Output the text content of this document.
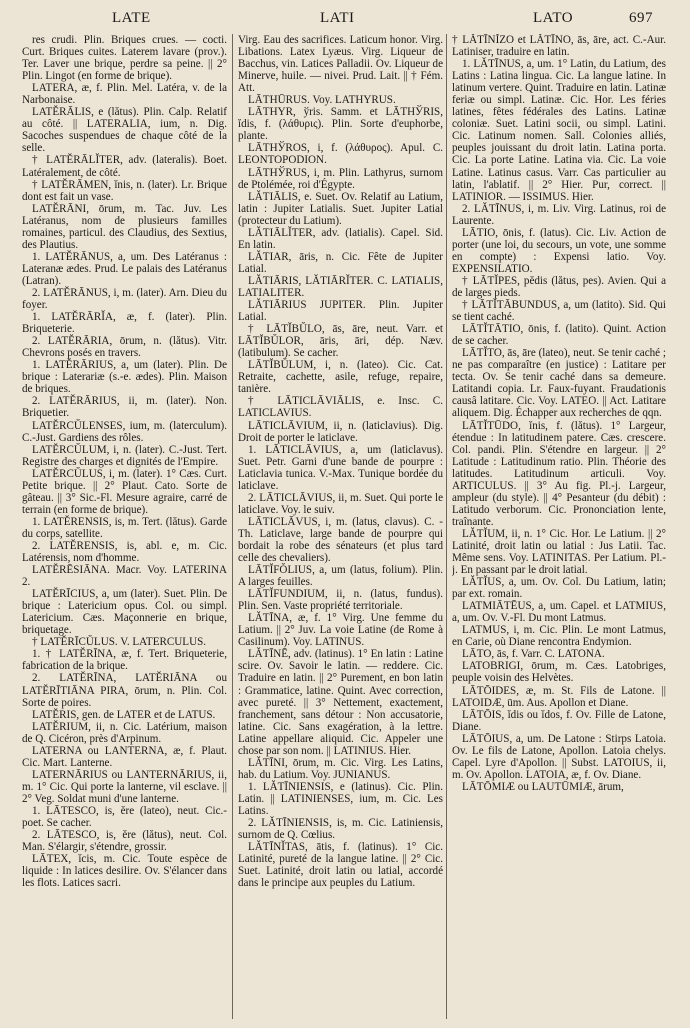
LATE	LATI	LATO	697

res crudi. Plin. Briques crues. — cocti. Curt. Briques cuites. Laterem lavare (prov.). Ter. Laver une brique, perdre sa peine. || 2° Plin. Lingot (en forme de brique).

LATERA, æ, f. Plin. Mel. Latéra, v. de la Narbonaise.

LATĔRĀLIS, e (lătus). Plin. Calp. Relatif au côté. || LATERALIA, ium, n. Dig. Sacoches suspendues de chaque côté de la selle.

† LATĔRĀLĬTER, adv. (lateralis). Boet. Latéralement, de côté.

† LATĔRĀMEN, ĭnis, n. (later). Lr. Brique dont est fait un vase.

LATĔRĀNI, ōrum, m. Tac. Juv. Les Latéranus, nom de plusieurs familles romaines, particul. des Claudius, des Sextius, des Plautius.

1. LATĔRĀNUS, a, um. Des Latéranus : Lateranæ ædes. Prud. Le palais des Latéranus (Latran).

2. LATĔRĀNUS, i, m. (later). Arn. Dieu du foyer.

1. LATĔRĀRĬA, æ, f. (later). Plin. Briqueterie.

2. LATĔRĀRIA, ōrum, n. (lătus). Vitr. Chevrons posés en travers.

1. LATĔRĀRIUS, a, um (later). Plin. De brique : Laterariæ (s.-e. ædes). Plin. Maison de briques.

2. LATĔRĀRIUS, ii, m. (later). Non. Briquetier.

LATĔRCŬLENSES, ium, m. (laterculum). C.-Just. Gardiens des rôles.

LATĔRCŬLUM, i, n. (later). C.-Just. Tert. Registre des charges et dignités de l'Empire.

LATĔRCŬLUS, i, m. (later). 1° Cæs. Curt. Petite brique. || 2° Plaut. Cato. Sorte de gâteau. || 3° Sic.-Fl. Mesure agraire, carré de terrain (en forme de brique).

1. LATĔRENSIS, is, m. Tert. (lătus). Garde du corps, satellite.

2. LATĔRENSIS, is, abl. e, m. Cic. Latérensis, nom d'homme.

LATĔRĒSIĀNA. Macr. Voy. LATERINA 2.

LATĔRĪCIUS, a, um (later). Suet. Plin. De brique : Latericium opus. Col. ou simpl. Latericium. Cæs. Maçonnerie en brique, briquetage.

† LATĔRĪCŬLUS. V. LATERCULUS.

1. † LATĔRĪNA, æ, f. Tert. Briqueterie, fabrication de la brique.

2. LATĔRĪNA, LATĔRIĀNA ou LATĔRĪTIĀNA PIRA, ōrum, n. Plin. Col. Sorte de poires.

LATĔRIS, gen. de LATER et de LATUS.

LATĔRIUM, ii, n. Cic. Latérium, maison de Q. Cicéron, près d'Arpinum.

LATERNA ou LANTERNA, æ, f. Plaut. Cic. Mart. Lanterne.

LATERNĀRIUS ou LANTERNĀRIUS, ii, m. 1° Cic. Qui porte la lanterne, vil esclave. || 2° Veg. Soldat muni d'une lanterne.

1. LĀTESCO, is, ĕre (lateo), neut. Cic.-poet. Se cacher.

2. LĀTESCO, is, ĕre (lătus), neut. Col. Man. S'élargir, s'étendre, grossir.

LĀTEX, ĭcis, m. Cic. Toute espèce de liquide : In latices desilire. Ov. S'élancer dans les flots. Latices sacri.

Virg. Eau des sacrifices. Laticum honor. Virg. Libations. Latex Lyæus. Virg. Liqueur de Bacchus, vin. Latices Palladii. Ov. Liqueur de Minerve, huile. — nivei. Prud. Lait. || † Fém. Att.

LĀTHŪRUS. Voy. LATHYRUS.

LĀTHYR, ўris. Samm. et LĀTHЎRIS, ĭdis, f. (λάθυρις). Plin. Sorte d'euphorbe, plante.

LĀTHЎROS, i, f. (λάθυρος). Apul. C. LEONTOPODION.

LĀTHЎRUS, i, m. Plin. Lathyrus, surnom de Ptolémée, roi d'Égypte.

LĂTIĀLIS, e. Suet. Ov. Relatif au Latium, latin : Jupiter Latialis. Suet. Jupiter Latial (protecteur du Latium).

LĂTIĀLĬTER, adv. (latialis). Capel. Sid. En latin.

LĂTIAR, āris, n. Cic. Fête de Jupiter Latial.

LĂTIĀRIS, LĂTIĀRĬTER. C. LATIALIS, LATIALITER.

LĂTIĀRIUS JUPITER. Plin. Jupiter Latial.

† LĀTĬBŬLO, ās, āre, neut. Varr. et LĀTĬBŬLOR, āris, āri, dép. Næv. (latibulum). Se cacher.

LĀTĬBŬLUM, i, n. (lateo). Cic. Cat. Retraite, cachette, asile, refuge, repaire, tanière.

† LĀTICLĀVIĀLIS, e. Insc. C. LATICLAVIUS.

LĀTICLĀVIUM, ii, n. (laticlavius). Dig. Droit de porter le laticlave.

1. LĀTICLĀVIUS, a, um (laticlavus). Suet. Petr. Garni d'une bande de pourpre : Laticlavia tunica. V.-Max. Tunique bordée du laticlave.

2. LĀTICLĀVIUS, ii, m. Suet. Qui porte le laticlave. Voy. le suiv.

LĀTICLĀVUS, i, m. (latus, clavus). C. -Th. Laticlave, large bande de pourpre qui bordait la robe des sénateurs (et plus tard celle des chevaliers).

LĀTĬFŎLIUS, a, um (latus, folium). Plin. A larges feuilles.

LĀTĬFUNDIUM, ii, n. (latus, fundus). Plin. Sen. Vaste propriété territoriale.

LĂTĪNA, æ, f. 1° Virg. Une femme du Latium. || 2° Juv. La voie Latine (de Rome à Casilinum). Voy. LATINUS.

LĂTĪNĒ, adv. (latinus). 1° En latin : Latine scire. Ov. Savoir le latin. — reddere. Cic. Traduire en latin. || 2° Purement, en bon latin : Grammatice, latine. Quint. Avec correction, avec pureté. || 3° Nettement, exactement, franchement, sans détour : Non accusatorie, latine. Cic. Sans exagération, à la lettre. Latine appellare aliquid. Cic. Appeler une chose par son nom. || LATINIUS. Hier.

LĂTĪNI, ōrum, m. Cic. Virg. Les Latins, hab. du Latium. Voy. JUNIANUS.

1. LĂTĪNIENSIS, e (latinus). Cic. Plin. Latin. || LATINIENSES, ium, m. Cic. Les Latins.

2. LĂTĪNIENSIS, is, m. Cic. Latiniensis, surnom de Q. Cœlius.

LĂTĪNĬTAS, ātis, f. (latinus). 1° Cic. Latinité, pureté de la langue latine. || 2° Cic. Suet. Latinité, droit latin ou latial, accordé dans le principe aux peuples du Latium.

† LĂTĪNĬZO et LĂTĪNO, ās, āre, act. C.-Aur. Latiniser, traduire en latin.

1. LĂTĪNUS, a, um. 1° Latin, du Latium, des Latins : Latina lingua. Cic. La langue latine. In latinum vertere. Quint. Traduire en latin. Latinæ feriæ ou simpl. Latinæ. Cic. Hor. Les féries latines, fêtes fédérales des Latins. Latinæ coloniæ. Suet. Latini socii, ou simpl. Latini. Cic. Latinum nomen. Sall. Colonies alliés, peuples jouissant du droit latin. Latina porta. Cic. La porte Latine. Latina via. Cic. La voie Latine. Latinus casus. Varr. Cas particulier au latin, l'ablatif. || 2° Hier. Pur, correct. || LATINIOR. — ISSIMUS. Hier.

2. LĂTĪNUS, i, m. Liv. Virg. Latinus, roi de Laurente.

LĀTIO, ōnis, f. (latus). Cic. Liv. Action de porter (une loi, du secours, un vote, une somme en compte) : Expensi latio. Voy. EXPENSILATIO.

† LĀTĬPES, pĕdis (lătus, pes). Avien. Qui a de larges pieds.

† LĀTĬTĀBUNDUS, a, um (latito). Sid. Qui se tient caché.

LĀTĬTĀTIO, ōnis, f. (latito). Quint. Action de se cacher.

LĀTĬTO, ās, āre (lateo), neut. Se tenir caché ; ne pas comparaître (en justice) : Latitare per tecta. Ov. Se tenir caché dans sa demeure. Latitandi copia. Lr. Faux-fuyant. Fraudationis causâ latitare. Cic. Voy. LATEO. || Act. Latitare aliquem. Dig. Échapper aux recherches de qqn.

LĀTĬTŪDO, ĭnis, f. (lătus). 1° Largeur, étendue : In latitudinem patere. Cæs. crescere. Col. pandi. Plin. S'étendre en largeur. || 2° Latitude : Latitudinum ratio. Plin. Théorie des latitudes. Latitudinum articuli. Voy. ARTICULUS. || 3° Au fig. Pl.-j. Largeur, ampleur (du style). || 4° Pesanteur (du débit) : Latitudo verborum. Cic. Prononciation lente, traînante.

LĂTĬUM, ii, n. 1° Cic. Hor. Le Latium. || 2° Latinité, droit latin ou latial : Jus Latii. Tac. Même sens. Voy. LATINITAS. Per Latium. Pl.-j. En passant par le droit latial.

LĂTĬUS, a, um. Ov. Col. Du Latium, latin; par ext. romain.

LATMIĀTĒUS, a, um. Capel. et LATMIUS, a, um. Ov. V.-Fl. Du mont Latmus.

LATMUS, i, m. Cic. Plin. Le mont Latmus, en Carie, où Diane rencontra Endymion.

LĀTO, ās, f. Varr. C. LATONA.

LATOBRIGI, ōrum, m. Cæs. Latobriges, peuple voisin des Helvètes.

LĀTŌIDES, æ, m. St. Fils de Latone. || LATOIDÆ, ūm. Aus. Apollon et Diane.

LĀTŌIS, ĭdis ou ĭdos, f. Ov. Fille de Latone, Diane.

LĀTŌIUS, a, um. De Latone : Stirps Latoia. Ov. Le fils de Latone, Apollon. Latoia chelys. Capel. Lyre d'Apollon. || Subst. LATOIUS, ii, m. Ov. Apollon. LATOIA, æ, f. Ov. Diane.

LĀTŌMIÆ ou LAUTŪMIÆ, ārum,
